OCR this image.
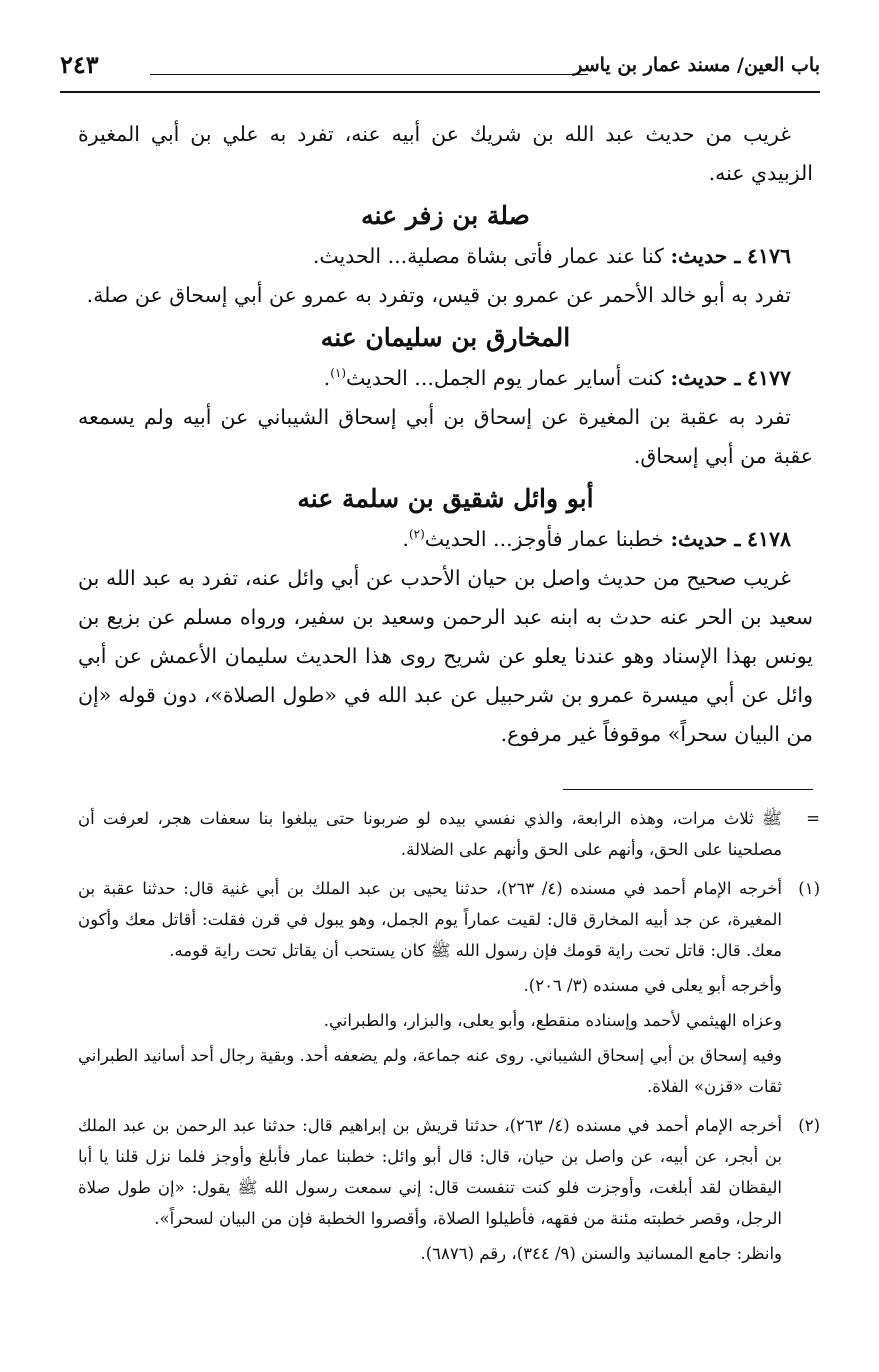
باب العين/ مسند عمار بن ياسر
٢٤٣

غريب من حديث عبد الله بن شريك عن أبيه عنه، تفرد به علي بن أبي المغيرة الزبيدي عنه.

صلة بن زفر عنه

٤١٧٦ ـ حديث: كنا عند عمار فأتى بشاة مصلية... الحديث.

تفرد به أبو خالد الأحمر عن عمرو بن قيس، وتفرد به عمرو عن أبي إسحاق عن صلة.

المخارق بن سليمان عنه

٤١٧٧ ـ حديث: كنت أساير عمار يوم الجمل... الحديث$^{(١)}$.

تفرد به عقبة بن المغيرة عن إسحاق بن أبي إسحاق الشيباني عن أبيه ولم يسمعه عقبة من أبي إسحاق.

أبو وائل شقيق بن سلمة عنه

٤١٧٨ ـ حديث: خطبنا عمار فأوجز... الحديث$^{(٢)}$.

غريب صحيح من حديث واصل بن حيان الأحدب عن أبي وائل عنه، تفرد به عبد الله بن سعيد بن الحر عنه حدث به ابنه عبد الرحمن وسعيد بن سفير، ورواه مسلم عن بزيع بن يونس بهذا الإسناد وهو عندنا يعلو عن شريح روى هذا الحديث سليمان الأعمش عن أبي وائل عن أبي ميسرة عمرو بن شرحبيل عن عبد الله في «طول الصلاة»، دون قوله «إن من البيان سحراً» موقوفاً غير مرفوع.

=

ﷺ ثلاث مرات، وهذه الرابعة، والذي نفسي بيده لو ضربونا حتى يبلغوا بنا سعفات هجر، لعرفت أن مصلحينا على الحق، وأنهم على الحق وأنهم على الضلالة.

(١)

أخرجه الإمام أحمد في مسنده (٤/ ٢٦٣)، حدثنا يحيى بن عبد الملك بن أبي غنية قال: حدثنا عقبة بن المغيرة، عن جد أبيه المخارق قال: لقيت عماراً يوم الجمل، وهو يبول في قرن فقلت: أقاتل معك وأكون معك. قال: قاتل تحت راية قومك فإن رسول الله ﷺ كان يستحب أن يقاتل تحت راية قومه.

وأخرجه أبو يعلى في مسنده (٣/ ٢٠٦).

وعزاه الهيثمي لأحمد وإسناده منقطع، وأبو يعلى، والبزار، والطبراني.

وفيه إسحاق بن أبي إسحاق الشيباني. روى عنه جماعة، ولم يضعفه أحد. وبقية رجال أحد أسانيد الطبراني ثقات «قزن» الفلاة.

(٢)

أخرجه الإمام أحمد في مسنده (٤/ ٢٦٣)، حدثنا قريش بن إبراهيم قال: حدثنا عبد الرحمن بن عبد الملك بن أبجر، عن أبيه، عن واصل بن حيان، قال: قال أبو وائل: خطبنا عمار فأبلغ وأوجز فلما نزل قلنا يا أبا اليقظان لقد أبلغت، وأوجزت فلو كنت تنفست قال: إني سمعت رسول الله ﷺ يقول: «إن طول صلاة الرجل، وقصر خطبته مئنة من فقهه، فأطيلوا الصلاة، وأقصروا الخطبة فإن من البيان لسحراً».

وانظر: جامع المسانيد والسنن (٩/ ٣٤٤)، رقم (٦٨٧٦).
